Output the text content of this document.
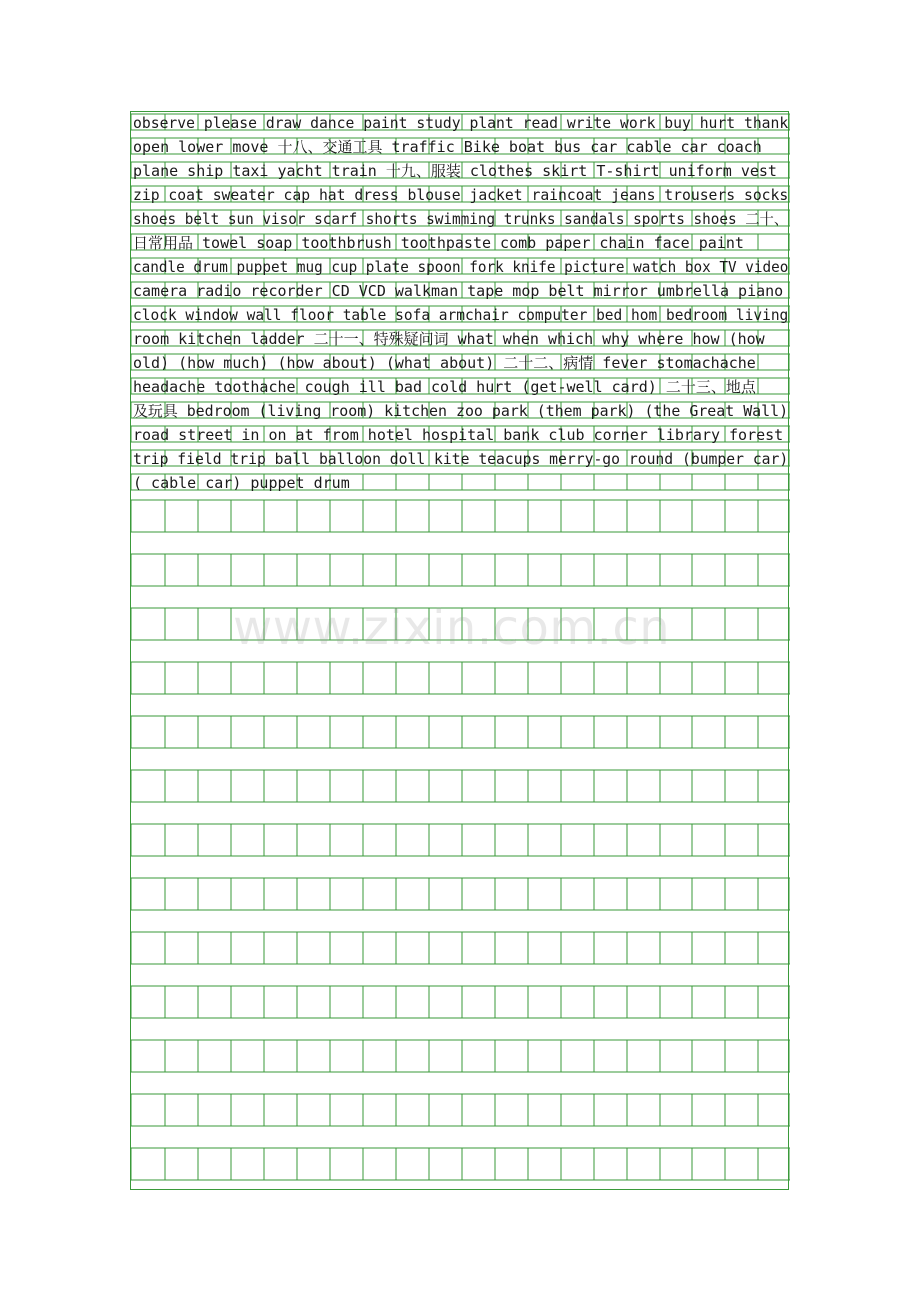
observe please draw dance paint study plant read write work buy hurt thank
open lower move 十八、交通工具 traffic Bike boat bus car cable car coach
plane ship taxi yacht train 十九、服装 clothes skirt T-shirt uniform vest
zip coat sweater cap hat dress blouse jacket raincoat jeans trousers socks
shoes belt sun visor scarf shorts swimming trunks sandals sports shoes 二十、
日常用品 towel soap toothbrush toothpaste comb paper chain face paint
candle drum puppet mug cup plate spoon fork knife picture watch box TV video
camera radio recorder CD VCD walkman tape mop belt mirror umbrella piano
clock window wall floor table sofa armchair computer bed hom bedroom living
room kitchen ladder 二十一、特殊疑问词 what when which why where how (how
old) (how much) (how about) (what about) 二十二、病情 fever stomachache
headache toothache cough ill bad cold hurt (get-well card) 二十三、地点
及玩具 bedroom (living room) kitchen zoo park (them park) (the Great Wall)
road street in on at from hotel hospital bank club corner library forest
trip field trip ball balloon doll kite teacups merry-go round (bumper car)
( cable car) puppet drum
www.zixin.com.cn
